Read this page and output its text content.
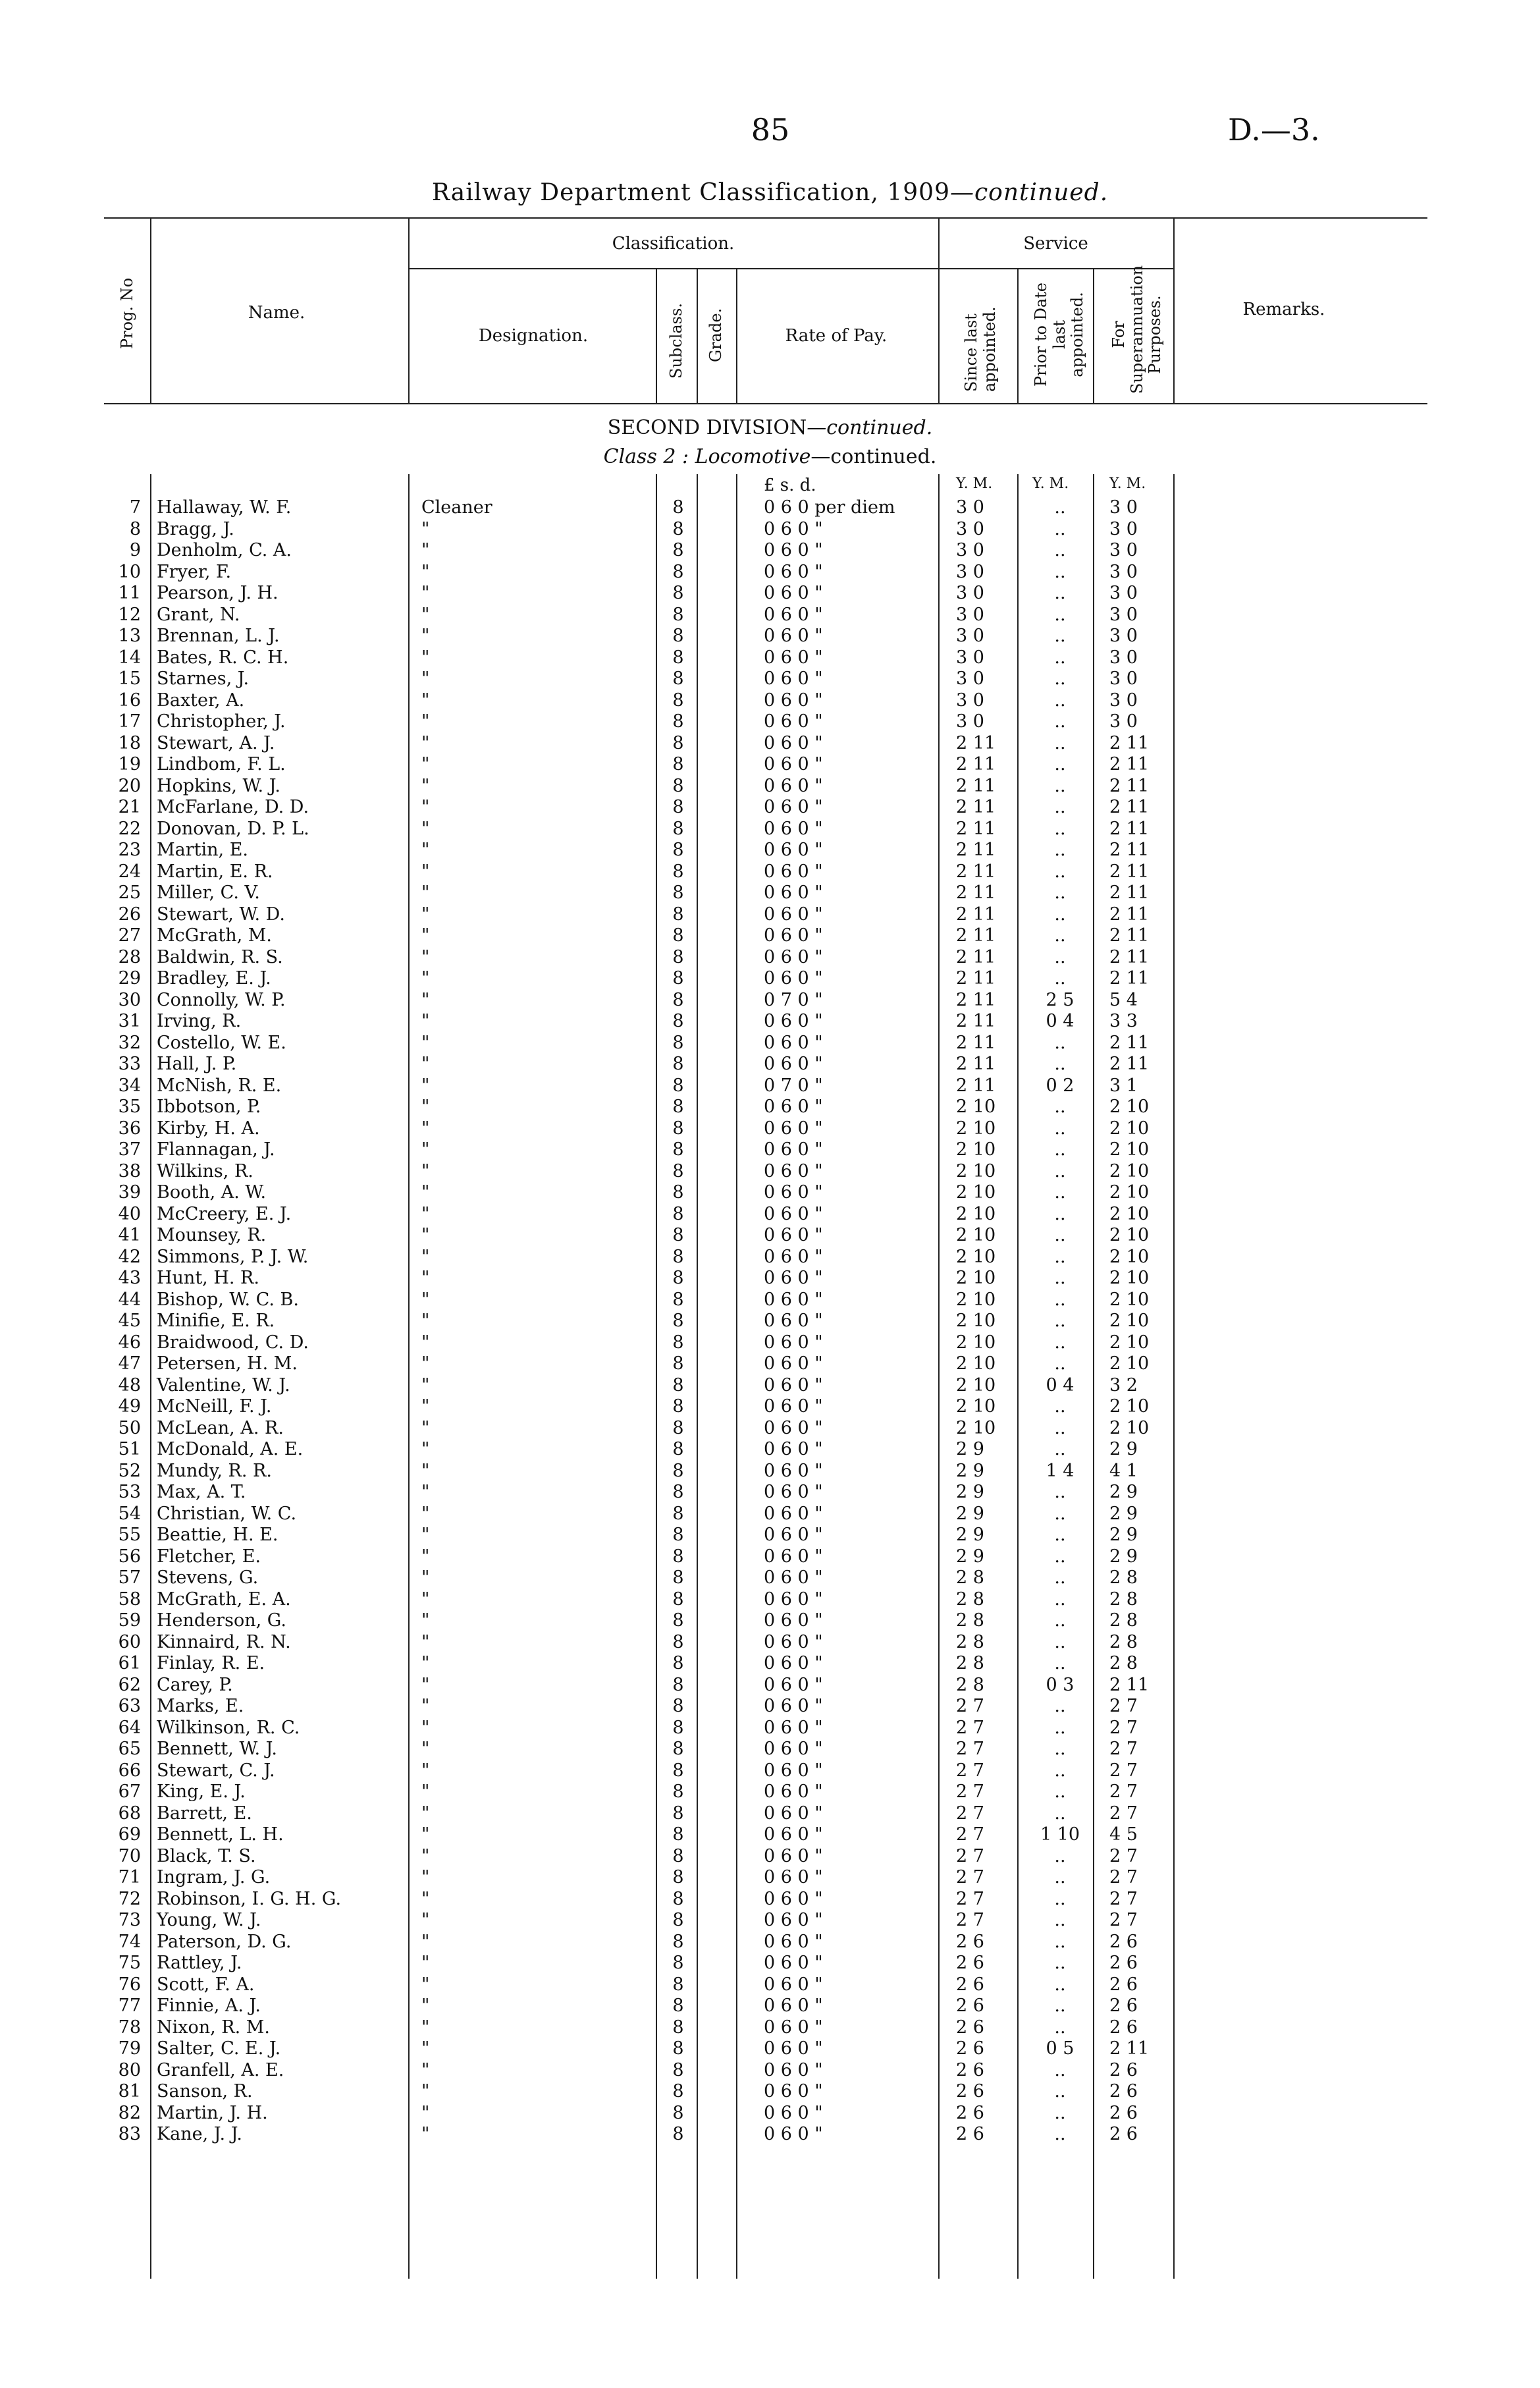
85	D.—3.
Railway Department Classification, 1909—continued.
Prog. No	Name.
Classification.
Designation.	Subclass. Grade.	Rate of Pay.
Service
Since last appointed. Prior to Date last appointed. For Superannuation Purposes.	Remarks.
SECOND DIVISION—continued.
Class 2 : Locomotive—continued.
£ s. d.	Y. M.	Y. M.	Y. M.
7 Hallaway, W. F.	Cleaner	8	0 6 0 per diem	3 0	..	3 0
8 Bragg, J.	"	8	0 6 0 "	3 0	..	3 0
9 Denholm, C. A.	"	8	0 6 0 "	3 0	..	3 0
10 Fryer, F.	"	8	0 6 0 "	3 0	..	3 0
11 Pearson, J. H.	"	8	0 6 0 "	3 0	..	3 0
12 Grant, N.	"	8	0 6 0 "	3 0	..	3 0
13 Brennan, L. J.	"	8	0 6 0 "	3 0	..	3 0
14 Bates, R. C. H.	"	8	0 6 0 "	3 0	..	3 0
15 Starnes, J.	"	8	0 6 0 "	3 0	..	3 0
16 Baxter, A.	"	8	0 6 0 "	3 0	..	3 0
17 Christopher, J.	"	8	0 6 0 "	3 0	..	3 0
18 Stewart, A. J.	"	8	0 6 0 "	2 11	..	2 11
19 Lindbom, F. L.	"	8	0 6 0 "	2 11	..	2 11
20 Hopkins, W. J.	"	8	0 6 0 "	2 11	..	2 11
21 McFarlane, D. D.	"	8	0 6 0 "	2 11	..	2 11
22 Donovan, D. P. L.	"	8	0 6 0 "	2 11	..	2 11
23 Martin, E.	"	8	0 6 0 "	2 11	..	2 11
24 Martin, E. R.	"	8	0 6 0 "	2 11	..	2 11
25 Miller, C. V.	"	8	0 6 0 "	2 11	..	2 11
26 Stewart, W. D.	"	8	0 6 0 "	2 11	..	2 11
27 McGrath, M.	"	8	0 6 0 "	2 11	..	2 11
28 Baldwin, R. S.	"	8	0 6 0 "	2 11	..	2 11
29 Bradley, E. J.	"	8	0 6 0 "	2 11	..	2 11
30 Connolly, W. P.	"	8	0 7 0 "	2 11	2 5	5 4
31 Irving, R.	"	8	0 6 0 "	2 11	0 4	3 3
32 Costello, W. E.	"	8	0 6 0 "	2 11	..	2 11
33 Hall, J. P.	"	8	0 6 0 "	2 11	..	2 11
34 McNish, R. E.	"	8	0 7 0 "	2 11	0 2	3 1
35 Ibbotson, P.	"	8	0 6 0 "	2 10	..	2 10
36 Kirby, H. A.	"	8	0 6 0 "	2 10	..	2 10
37 Flannagan, J.	"	8	0 6 0 "	2 10	..	2 10
38 Wilkins, R.	"	8	0 6 0 "	2 10	..	2 10
39 Booth, A. W.	"	8	0 6 0 "	2 10	..	2 10
40 McCreery, E. J.	"	8	0 6 0 "	2 10	..	2 10
41 Mounsey, R.	"	8	0 6 0 "	2 10	..	2 10
42 Simmons, P. J. W.	"	8	0 6 0 "	2 10	..	2 10
43 Hunt, H. R.	"	8	0 6 0 "	2 10	..	2 10
44 Bishop, W. C. B.	"	8	0 6 0 "	2 10	..	2 10
45 Minifie, E. R.	"	8	0 6 0 "	2 10	..	2 10
46 Braidwood, C. D.	"	8	0 6 0 "	2 10	..	2 10
47 Petersen, H. M.	"	8	0 6 0 "	2 10	..	2 10
48 Valentine, W. J.	"	8	0 6 0 "	2 10	0 4	3 2
49 McNeill, F. J.	"	8	0 6 0 "	2 10	..	2 10
50 McLean, A. R.	"	8	0 6 0 "	2 10	..	2 10
51 McDonald, A. E.	"	8	0 6 0 "	2 9	..	2 9
52 Mundy, R. R.	"	8	0 6 0 "	2 9	1 4	4 1
53 Max, A. T.	"	8	0 6 0 "	2 9	..	2 9
54 Christian, W. C.	"	8	0 6 0 "	2 9	..	2 9
55 Beattie, H. E.	"	8	0 6 0 "	2 9	..	2 9
56 Fletcher, E.	"	8	0 6 0 "	2 9	..	2 9
57 Stevens, G.	"	8	0 6 0 "	2 8	..	2 8
58 McGrath, E. A.	"	8	0 6 0 "	2 8	..	2 8
59 Henderson, G.	"	8	0 6 0 "	2 8	..	2 8
60 Kinnaird, R. N.	"	8	0 6 0 "	2 8	..	2 8
61 Finlay, R. E.	"	8	0 6 0 "	2 8	..	2 8
62 Carey, P.	"	8	0 6 0 "	2 8	0 3	2 11
63 Marks, E.	"	8	0 6 0 "	2 7	..	2 7
64 Wilkinson, R. C.	"	8	0 6 0 "	2 7	..	2 7
65 Bennett, W. J.	"	8	0 6 0 "	2 7	..	2 7
66 Stewart, C. J.	"	8	0 6 0 "	2 7	..	2 7
67 King, E. J.	"	8	0 6 0 "	2 7	..	2 7
68 Barrett, E.	"	8	0 6 0 "	2 7	..	2 7
69 Bennett, L. H.	"	8	0 6 0 "	2 7	1 10	4 5
70 Black, T. S.	"	8	0 6 0 "	2 7	..	2 7
71 Ingram, J. G.	"	8	0 6 0 "	2 7	..	2 7
72 Robinson, I. G. H. G.	"	8	0 6 0 "	2 7	..	2 7
73 Young, W. J.	"	8	0 6 0 "	2 7	..	2 7
74 Paterson, D. G.	"	8	0 6 0 "	2 6	..	2 6
75 Rattley, J.	"	8	0 6 0 "	2 6	..	2 6
76 Scott, F. A.	"	8	0 6 0 "	2 6	..	2 6
77 Finnie, A. J.	"	8	0 6 0 "	2 6	..	2 6
78 Nixon, R. M.	"	8	0 6 0 "	2 6	..	2 6
79 Salter, C. E. J.	"	8	0 6 0 "	2 6	0 5	2 11
80 Granfell, A. E.	"	8	0 6 0 "	2 6	..	2 6
81 Sanson, R.	"	8	0 6 0 "	2 6	..	2 6
82 Martin, J. H.	"	8	0 6 0 "	2 6	..	2 6
83 Kane, J. J.	"	8	0 6 0 "	2 6	..	2 6
